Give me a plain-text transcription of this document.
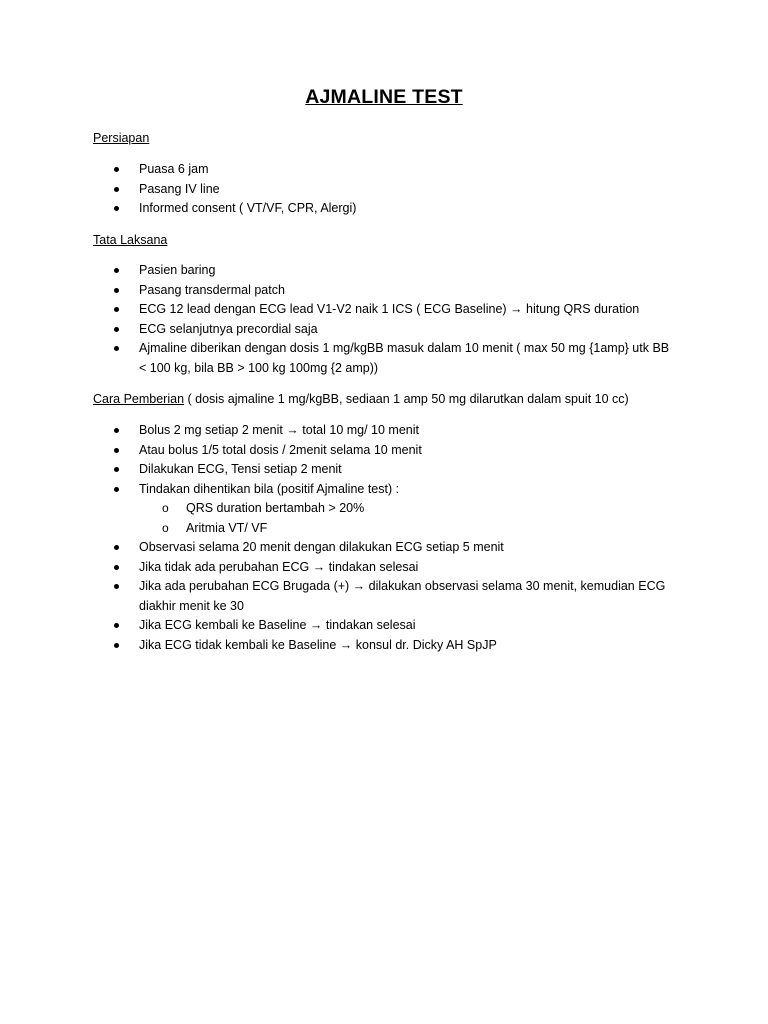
AJMALINE TEST
Persiapan
Puasa 6 jam
Pasang IV line
Informed consent ( VT/VF, CPR, Alergi)
Tata Laksana
Pasien baring
Pasang transdermal patch
ECG 12 lead dengan ECG lead V1-V2 naik 1 ICS ( ECG Baseline) → hitung QRS duration
ECG selanjutnya precordial saja
Ajmaline diberikan dengan dosis 1 mg/kgBB masuk dalam 10 menit ( max 50 mg {1amp} utk BB < 100 kg, bila BB > 100 kg 100mg {2 amp))
Cara Pemberian ( dosis ajmaline 1 mg/kgBB, sediaan 1 amp 50 mg dilarutkan dalam spuit 10 cc)
Bolus 2 mg setiap 2 menit → total 10 mg/ 10 menit
Atau bolus 1/5 total dosis / 2menit selama 10 menit
Dilakukan ECG, Tensi setiap 2 menit
Tindakan dihentikan bila (positif Ajmaline test) :
o QRS duration bertambah > 20%
o Aritmia VT/ VF
Observasi selama 20 menit dengan dilakukan ECG setiap 5 menit
Jika tidak ada perubahan ECG → tindakan selesai
Jika ada perubahan ECG Brugada (+) → dilakukan observasi selama 30 menit, kemudian ECG diakhir menit ke 30
Jika ECG kembali ke Baseline → tindakan selesai
Jika ECG tidak kembali ke Baseline → konsul dr. Dicky AH SpJP
